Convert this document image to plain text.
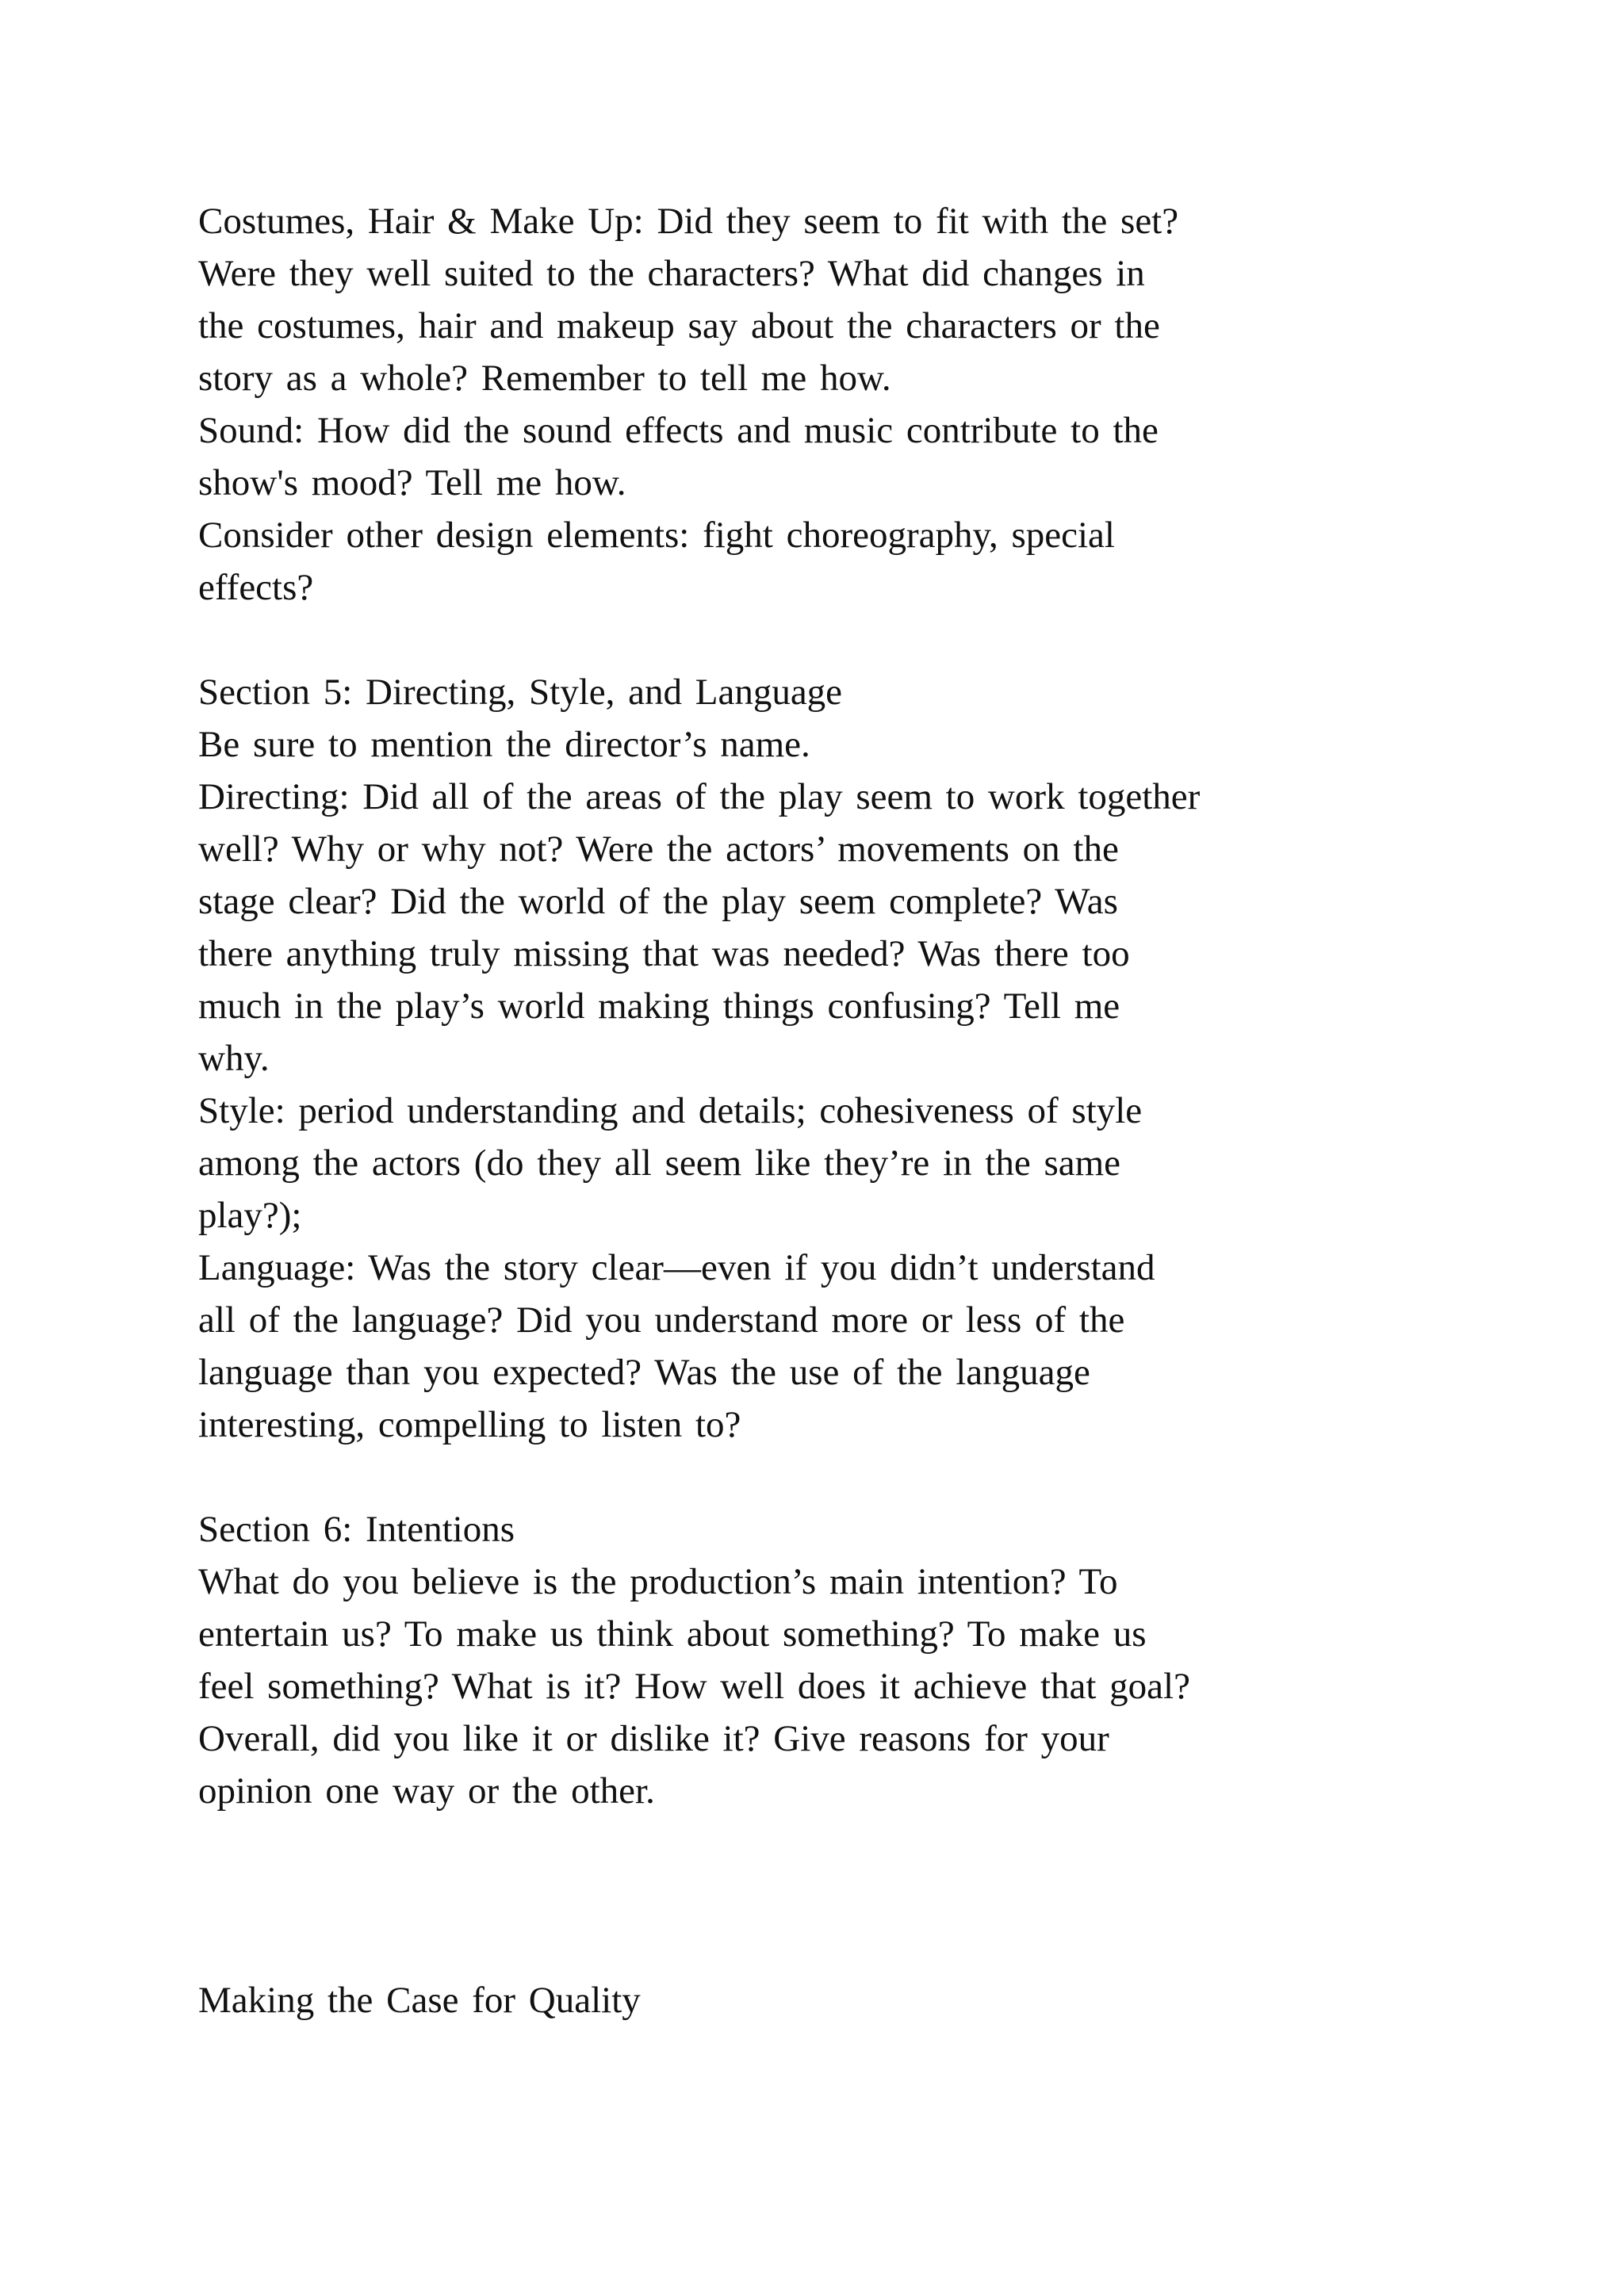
Costumes, Hair & Make Up: Did they seem to fit with the set?
Were they well suited to the characters? What did changes in
the costumes, hair and makeup say about the characters or the
story as a whole? Remember to tell me how.
Sound: How did the sound effects and music contribute to the
show's mood? Tell me how.
Consider other design elements: fight choreography, special
effects?
Section 5: Directing, Style, and Language
Be sure to mention the director’s name.
Directing: Did all of the areas of the play seem to work together
well? Why or why not? Were the actors’ movements on the
stage clear? Did the world of the play seem complete? Was
there anything truly missing that was needed? Was there too
much in the play’s world making things confusing? Tell me
why.
Style: period understanding and details; cohesiveness of style
among the actors (do they all seem like they’re in the same
play?);
Language: Was the story clear—even if you didn’t understand
all of the language? Did you understand more or less of the
language than you expected? Was the use of the language
interesting, compelling to listen to?
Section 6: Intentions
What do you believe is the production’s main intention? To
entertain us? To make us think about something? To make us
feel something? What is it? How well does it achieve that goal?
Overall, did you like it or dislike it? Give reasons for your
opinion one way or the other.
Making the Case for Quality
